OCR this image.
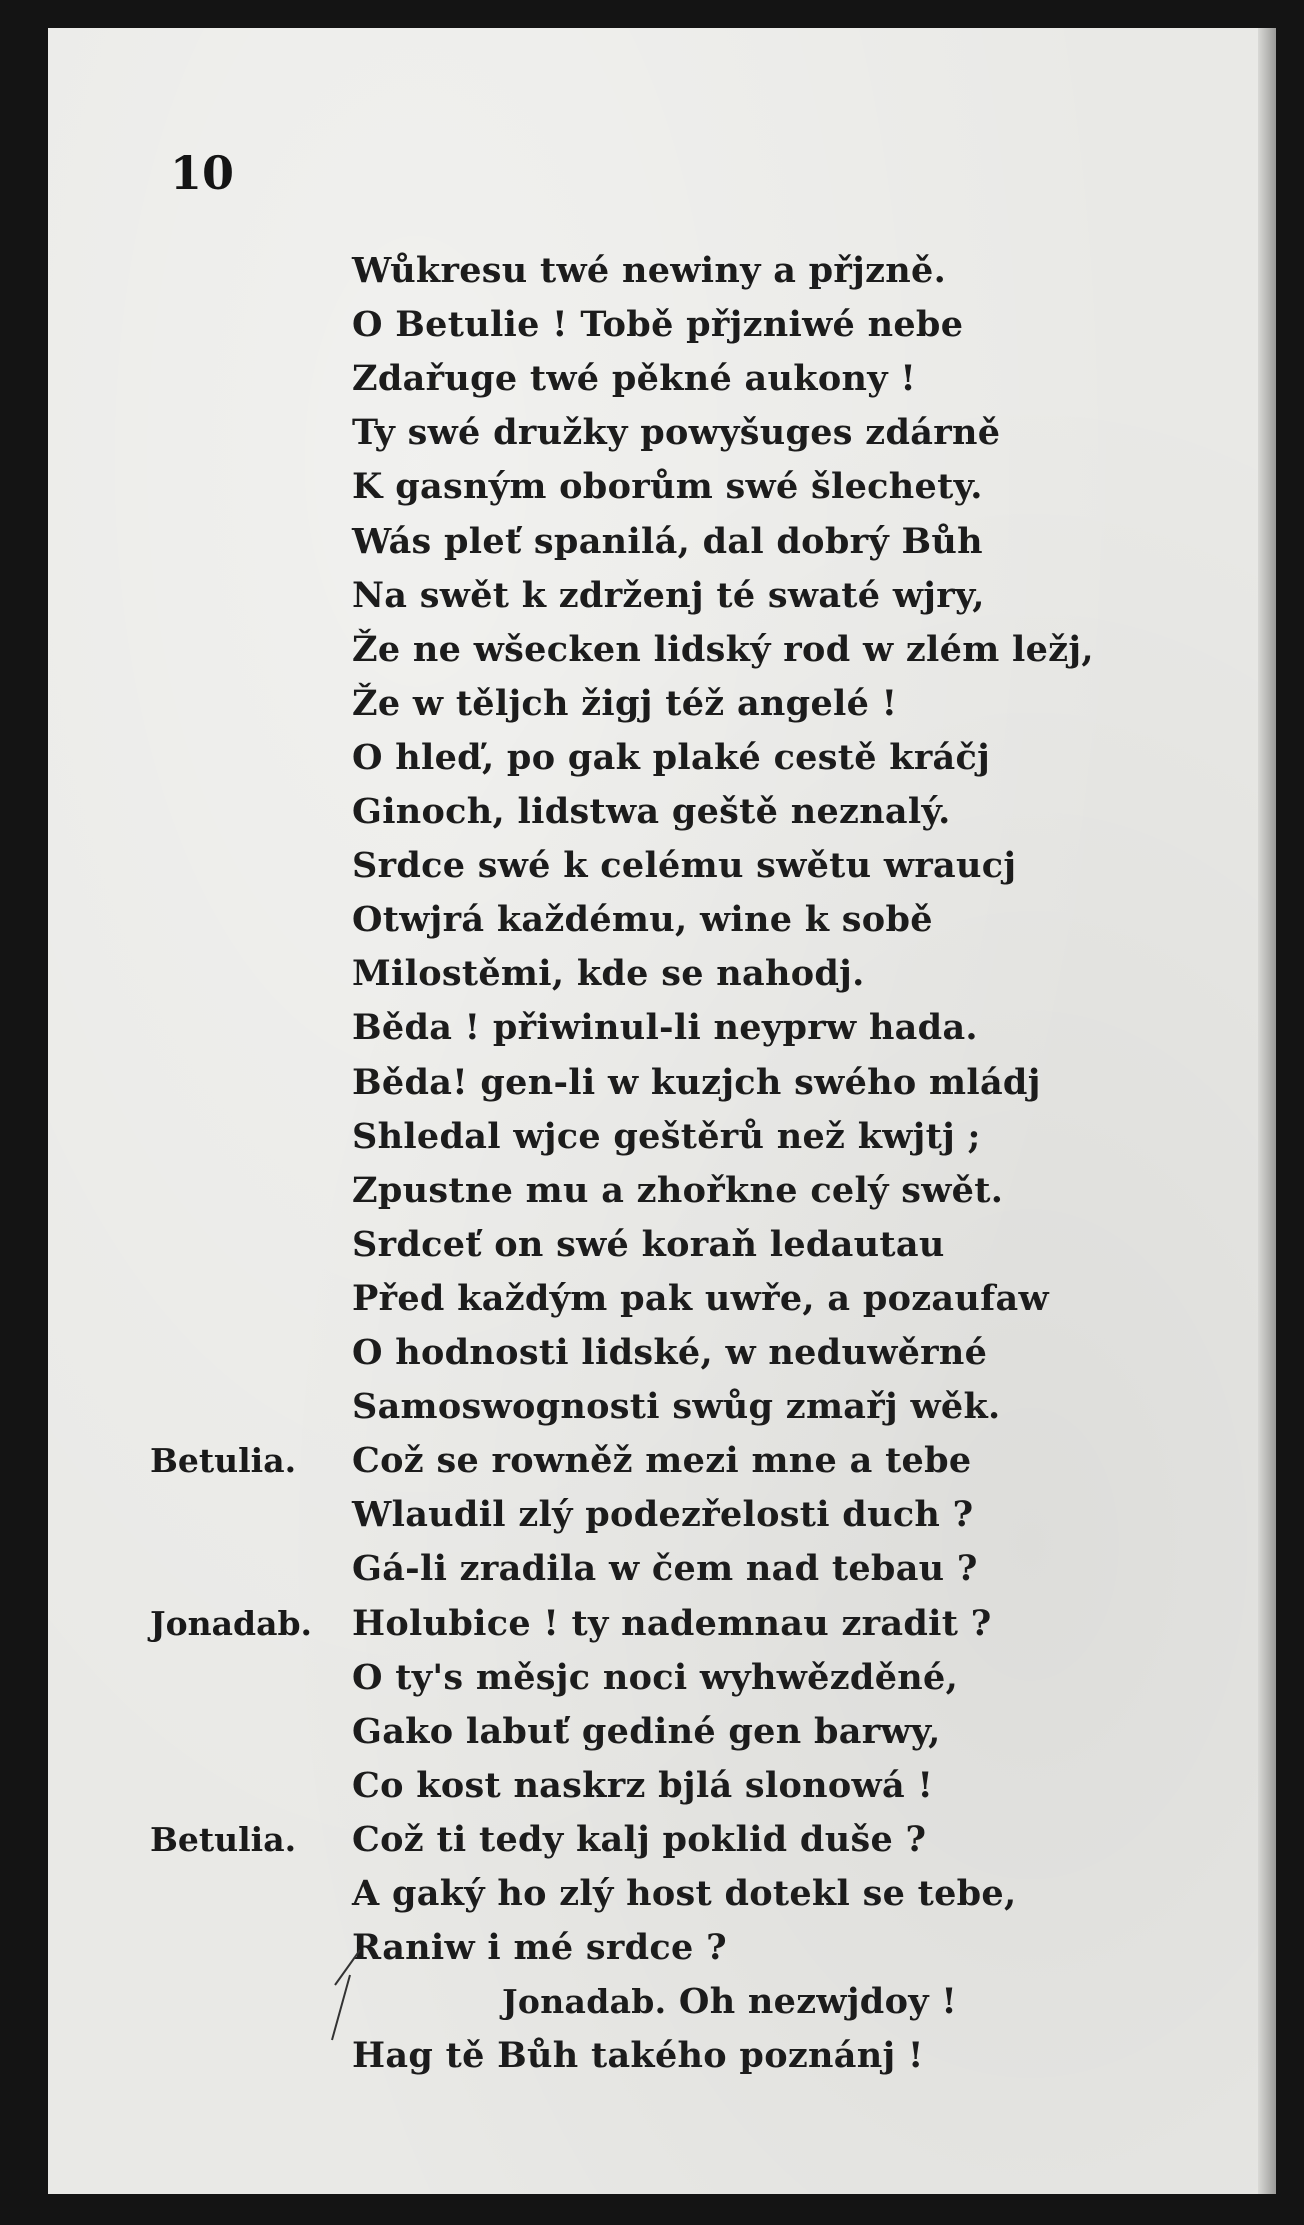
10
Wůkresu twé newiny a přjzně.
O Betulie ! Tobě přjzniwé nebe
Zdařuge twé pěkné aukony !
Ty swé družky powyšuges zdárně
K gasným oborům swé šlechety.
Wás pleť spanilá, dal dobrý Bůh
Na swět k zdrženj té swaté wjry,
Že ne wšecken lidský rod w zlém ležj,
Že w těljch žigj též angelé !
O hleď, po gak plaké cestě kráčj
Ginoch, lidstwa geště neznalý.
Srdce swé k celému swětu wraucj
Otwjrá každému, wine k sobě
Milostěmi, kde se nahodj.
Běda ! přiwinul-li neyprw hada.
Běda! gen-li w kuzjch swého mládj
Shledal wjce geštěrů než kwjtj ;
Zpustne mu a zhořkne celý swět.
Srdceť on swé koraň ledautau
Před každým pak uwře, a pozaufaw
O hodnosti lidské, w neduwěrné
Samoswognosti swůg zmařj wěk.
Betulia. Což se rowněž mezi mne a tebe
Wlaudil zlý podezřelosti duch ?
Gá-li zradila w čem nad tebau ?
Jonadab. Holubice ! ty nademnau zradit ?
O ty's měsjc noci wyhwězděné,
Gako labuť gediné gen barwy,
Co kost naskrz bjlá slonowá !
Betulia. Což ti tedy kalj poklid duše ?
A gaký ho zlý host dotekl se tebe,
Raniw i mé srdce ?
Jonadab. Oh nezwjdoy !
Hag tě Bůh takého poznánj !
